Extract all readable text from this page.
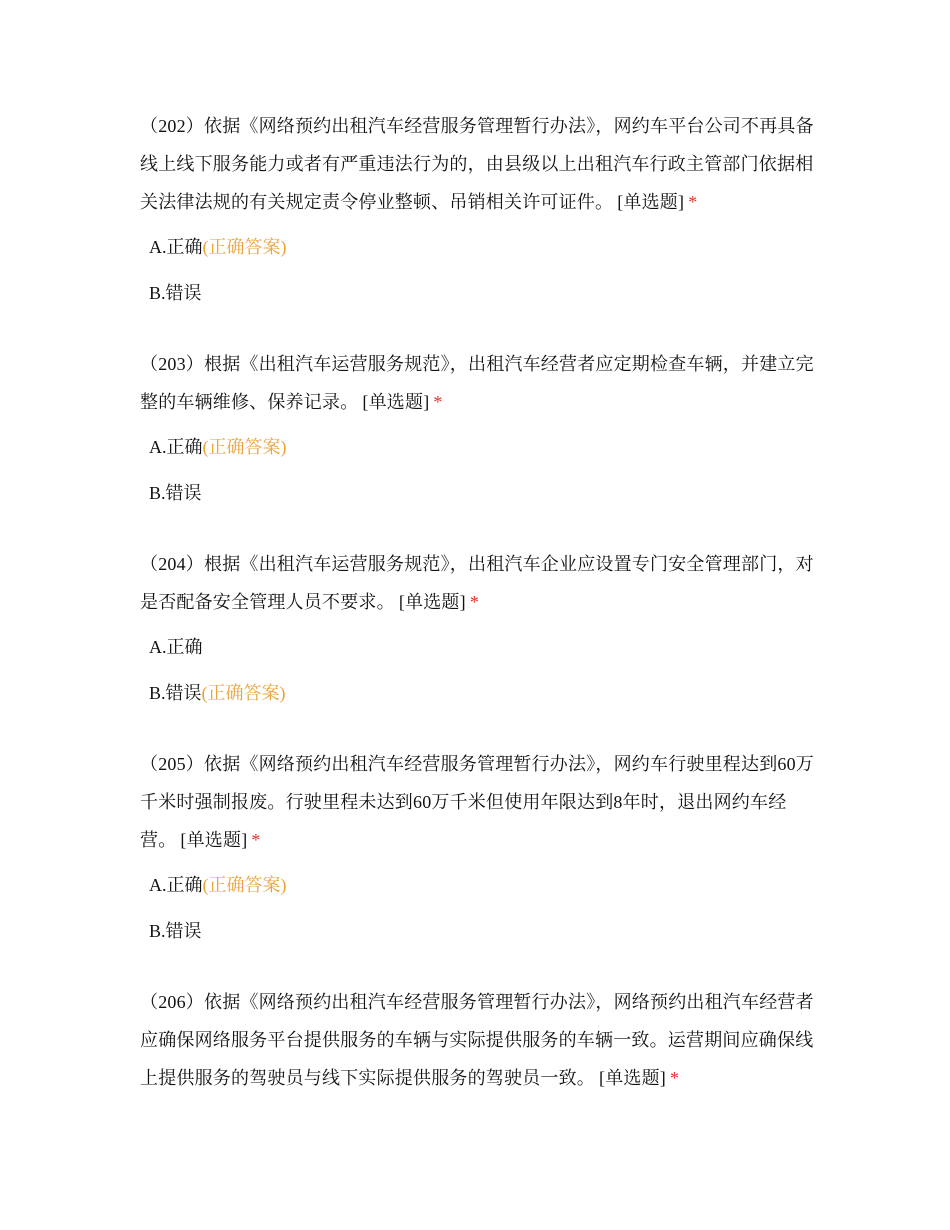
（202）依据《网络预约出租汽车经营服务管理暂行办法》，网约车平台公司不再具备线上线下服务能力或者有严重违法行为的，由县级以上出租汽车行政主管部门依据相关法律法规的有关规定责令停业整顿、吊销相关许可证件。 [单选题] *

A.正确(正确答案)
B.错误

（203）根据《出租汽车运营服务规范》，出租汽车经营者应定期检查车辆，并建立完整的车辆维修、保养记录。 [单选题] *

A.正确(正确答案)
B.错误

（204）根据《出租汽车运营服务规范》，出租汽车企业应设置专门安全管理部门，对是否配备安全管理人员不要求。 [单选题] *

A.正确
B.错误(正确答案)

（205）依据《网络预约出租汽车经营服务管理暂行办法》，网约车行驶里程达到60万千米时强制报废。行驶里程未达到60万千米但使用年限达到8年时，退出网约车经营。 [单选题] *

A.正确(正确答案)
B.错误

（206）依据《网络预约出租汽车经营服务管理暂行办法》，网络预约出租汽车经营者应确保网络服务平台提供服务的车辆与实际提供服务的车辆一致。运营期间应确保线上提供服务的驾驶员与线下实际提供服务的驾驶员一致。 [单选题] *
